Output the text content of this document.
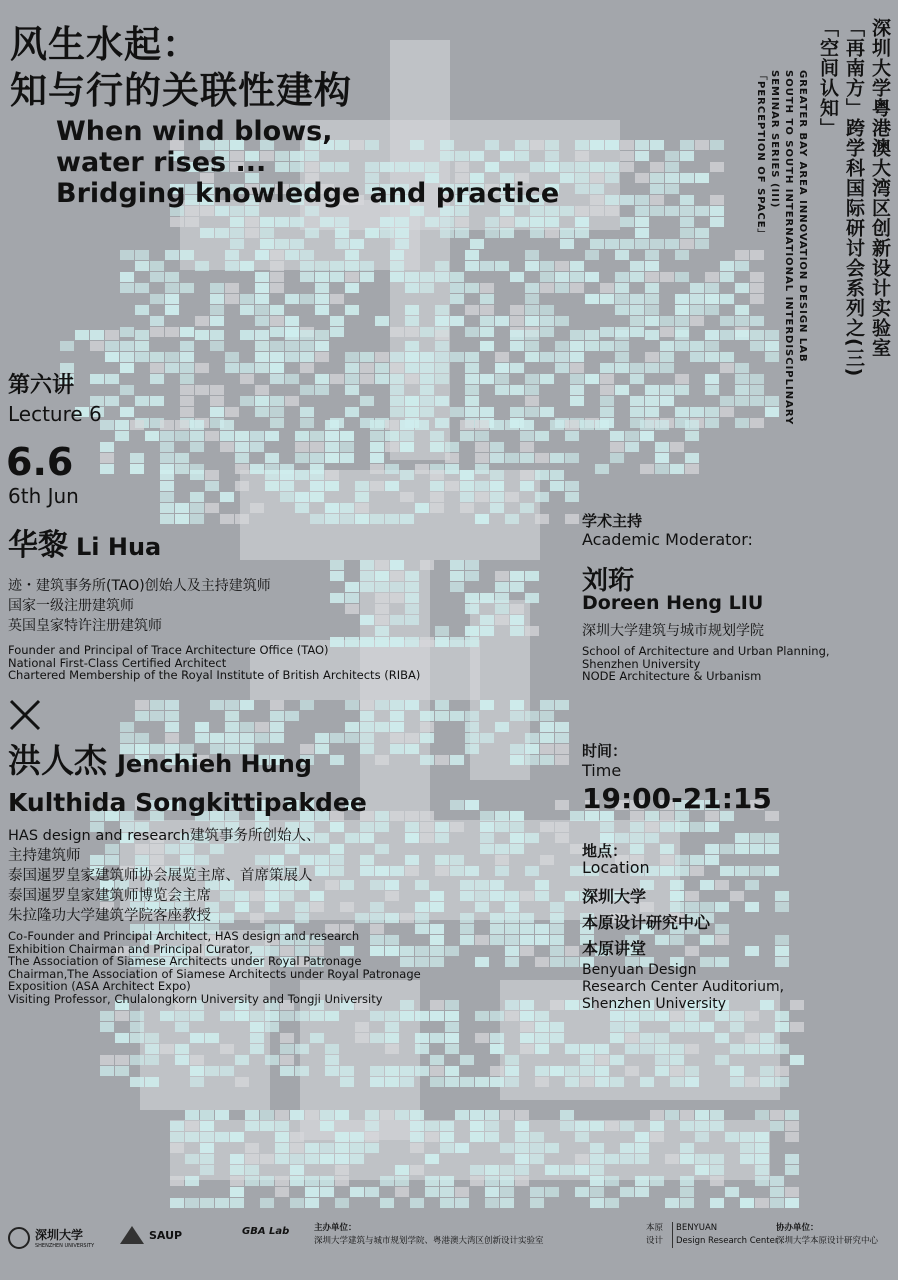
风生水起：
知与行的关联性建构
When wind blows,
water rises ...
Bridging knowledge and practice	深圳大学粤港澳大湾区创新设计实验室
「再南方」跨学科国际研讨会系列之(三)
「空间认知」
GREATER BAY AREA INNOVATION DESIGN LAB
SOUTH TO SOUTH INTERNATIONAL INTERDISCIPLINARY
SEMINAR SERIES (III)
「PERCEPTION OF SPACE」
第六讲
Lecture 6
6.6
6th Jun
华黎 Li Hua
迹・建筑事务所(TAO)创始人及主持建筑师
国家一级注册建筑师
英国皇家特许注册建筑师
Founder and Principal of Trace Architecture Office (TAO)
National First-Class Certified Architect
Chartered Membership of the Royal Institute of British Architects (RIBA)
洪人杰 Jenchieh Hung
Kulthida Songkittipakdee
HAS design and research建筑事务所创始人、
主持建筑师
泰国暹罗皇家建筑师协会展览主席、首席策展人
泰国暹罗皇家建筑师博览会主席
朱拉隆功大学建筑学院客座教授
Co-Founder and Principal Architect, HAS design and research
Exhibition Chairman and Principal Curator,
The Association of Siamese Architects under Royal Patronage
Chairman,The Association of Siamese Architects under Royal Patronage
Exposition (ASA Architect Expo)
Visiting Professor, Chulalongkorn University and Tongji University
学术主持
Academic Moderator:
刘珩
Doreen Heng LIU
深圳大学建筑与城市规划学院
School of Architecture and Urban Planning,
Shenzhen University
NODE Architecture & Urbanism
时间：
Time
19:00-21:15
地点：
Location
深圳大学
本原设计研究中心
本原讲堂
Benyuan Design
Research Center Auditorium,
Shenzhen University
深圳大学
SHENZHEN UNIVERSITY
SAUP	GBA Lab	主办单位：
深圳大学建筑与城市规划学院、粤港澳大湾区创新设计实验室
本原 设计
BENYUAN
Design Research Center
协办单位：
深圳大学本原设计研究中心
